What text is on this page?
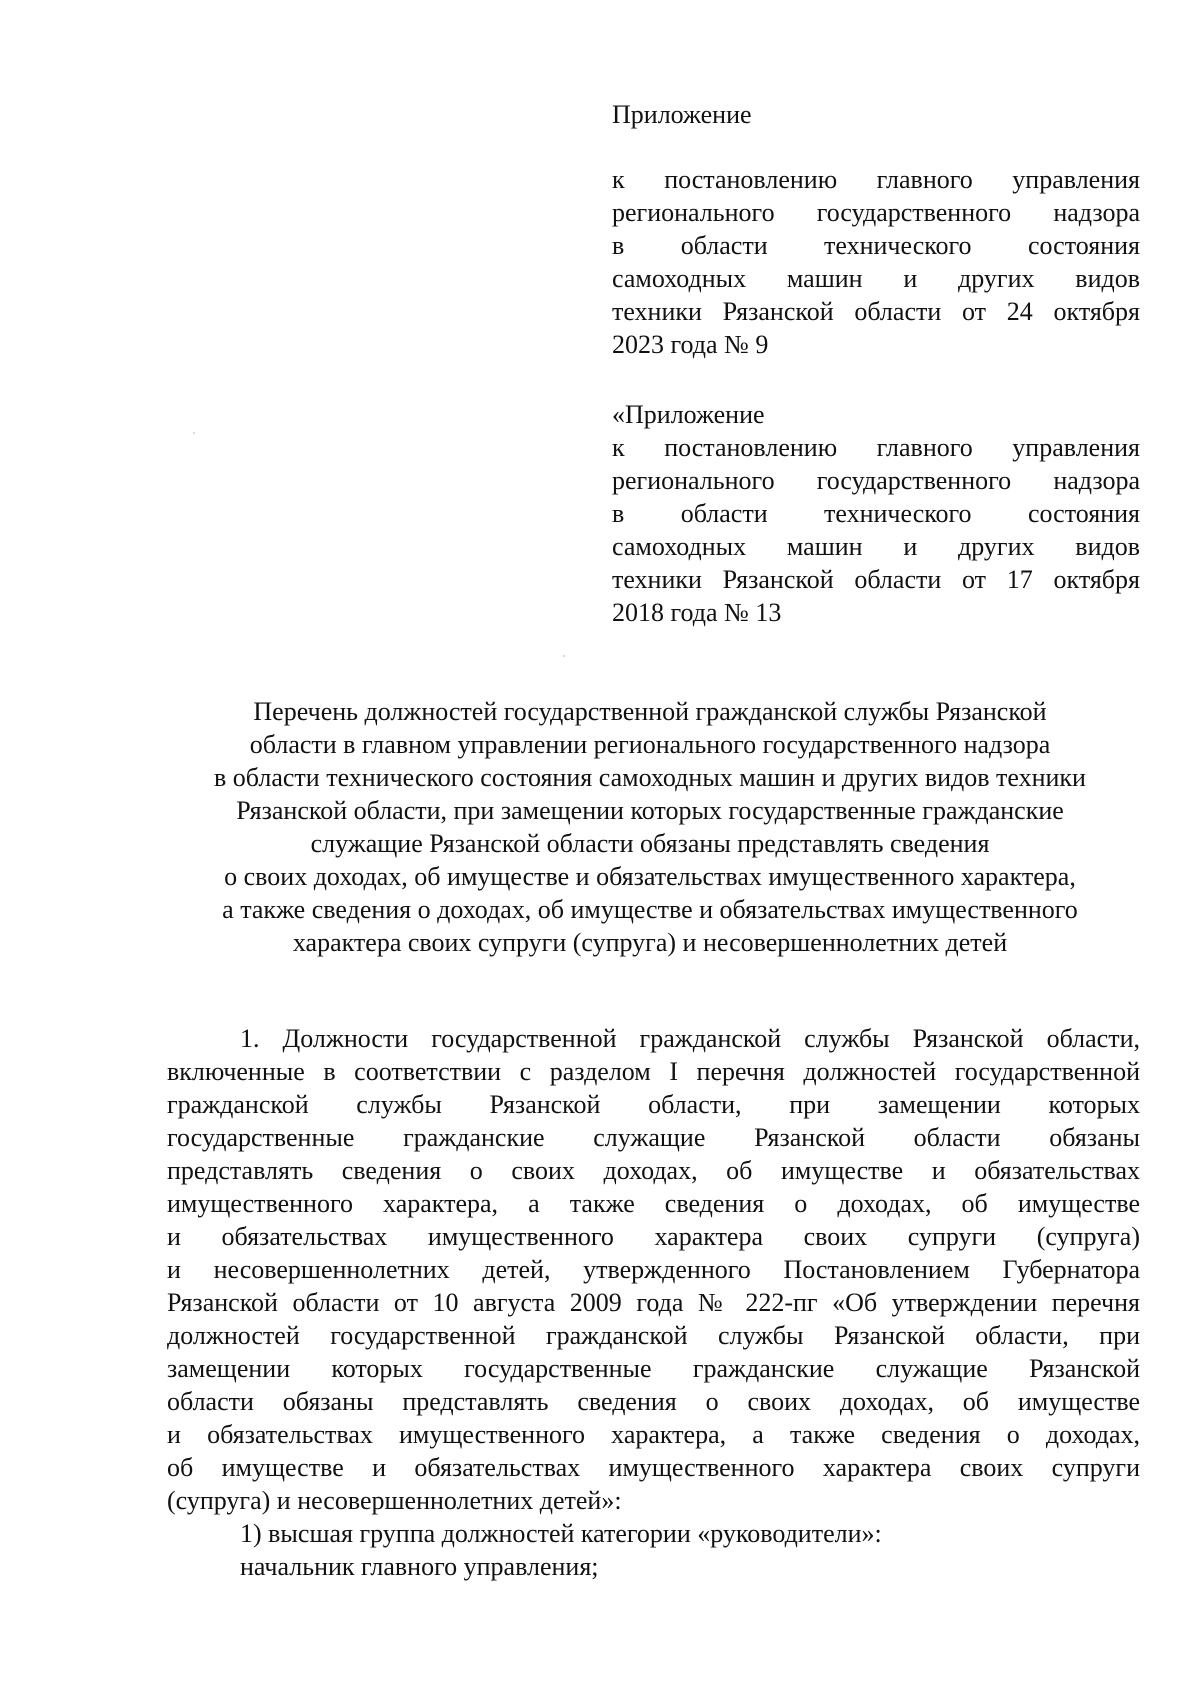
Приложение
к постановлению главного управления
регионального государственного надзора
в области технического состояния
самоходных машин и других видов
техники Рязанской области от 24 октября
2023 года № 9
«Приложение
к постановлению главного управления
регионального государственного надзора
в области технического состояния
самоходных машин и других видов
техники Рязанской области от 17 октября
2018 года № 13
Перечень должностей государственной гражданской службы Рязанской
области в главном управлении регионального государственного надзора
в области технического состояния самоходных машин и других видов техники
Рязанской области, при замещении которых государственные гражданские
служащие Рязанской области обязаны представлять сведения
о своих доходах, об имуществе и обязательствах имущественного характера,
а также сведения о доходах, об имуществе и обязательствах имущественного
характера своих супруги (супруга) и несовершеннолетних детей
1. Должности государственной гражданской службы Рязанской области,
включенные в соответствии с разделом I перечня должностей государственной
гражданской службы Рязанской области, при замещении которых
государственные гражданские служащие Рязанской области обязаны
представлять сведения о своих доходах, об имуществе и обязательствах
имущественного характера, а также сведения о доходах, об имуществе
и обязательствах имущественного характера своих супруги (супруга)
и несовершеннолетних детей, утвержденного Постановлением Губернатора
Рязанской области от 10 августа 2009 года № 222-пг «Об утверждении перечня
должностей государственной гражданской службы Рязанской области, при
замещении которых государственные гражданские служащие Рязанской
области обязаны представлять сведения о своих доходах, об имуществе
и обязательствах имущественного характера, а также сведения о доходах,
об имуществе и обязательствах имущественного характера своих супруги
(супруга) и несовершеннолетних детей»:
1) высшая группа должностей категории «руководители»:
начальник главного управления;
